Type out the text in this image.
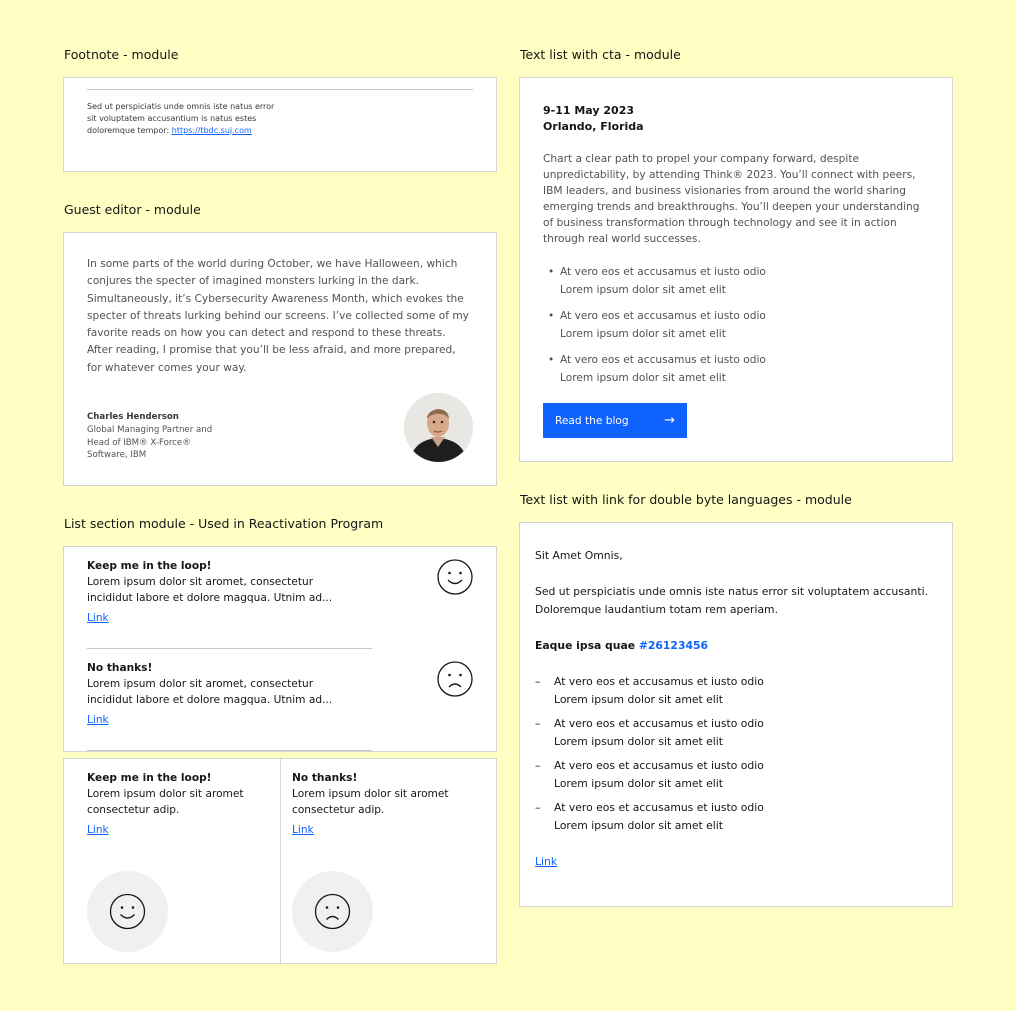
Footnote - module
Sed ut perspiciatis unde omnis iste natus error
sit voluptatem accusantium is natus estes
doloremque tempor: https://tbdc.suj.com
Guest editor - module
In some parts of the world during October, we have Halloween, which conjures the specter of imagined monsters lurking in the dark. Simultaneously, it’s Cybersecurity Awareness Month, which evokes the specter of threats lurking behind our screens. I’ve collected some of my favorite reads on how you can detect and respond to these threats. After reading, I promise that you’ll be less afraid, and more prepared, for whatever comes your way.
Charles Henderson
Global Managing Partner and
Head of IBM® X-Force®
Software, IBM
List section module - Used in Reactivation Program
Keep me in the loop!
Lorem ipsum dolor sit aromet, consectetur
incididut labore et dolore magqua. Utnim ad...
Link
No thanks!
Lorem ipsum dolor sit aromet, consectetur
incididut labore et dolore magqua. Utnim ad...
Link
Keep me in the loop!
Lorem ipsum dolor sit aromet
consectetur adip.
Link
No thanks!
Lorem ipsum dolor sit aromet
consectetur adip.
Link
Text list with cta - module
9-11 May 2023
Orlando, Florida
Chart a clear path to propel your company forward, despite unpredictability, by attending Think® 2023. You’ll connect with peers, IBM leaders, and business visionaries from around the world sharing emerging trends and breakthroughs. You’ll deepen your understanding of business transformation through technology and see it in action through real world successes.
• At vero eos et accusamus et iusto odio
Lorem ipsum dolor sit amet elit
• At vero eos et accusamus et iusto odio
Lorem ipsum dolor sit amet elit
• At vero eos et accusamus et iusto odio
Lorem ipsum dolor sit amet elit
Read the blog	→
Text list with link for double byte languages - module
Sit Amet Omnis,
Sed ut perspiciatis unde omnis iste natus error sit voluptatem accusanti.
Doloremque laudantium totam rem aperiam.
Eaque ipsa quae #26123456
– At vero eos et accusamus et iusto odio
Lorem ipsum dolor sit amet elit
– At vero eos et accusamus et iusto odio
Lorem ipsum dolor sit amet elit
– At vero eos et accusamus et iusto odio
Lorem ipsum dolor sit amet elit
– At vero eos et accusamus et iusto odio
Lorem ipsum dolor sit amet elit
Link
